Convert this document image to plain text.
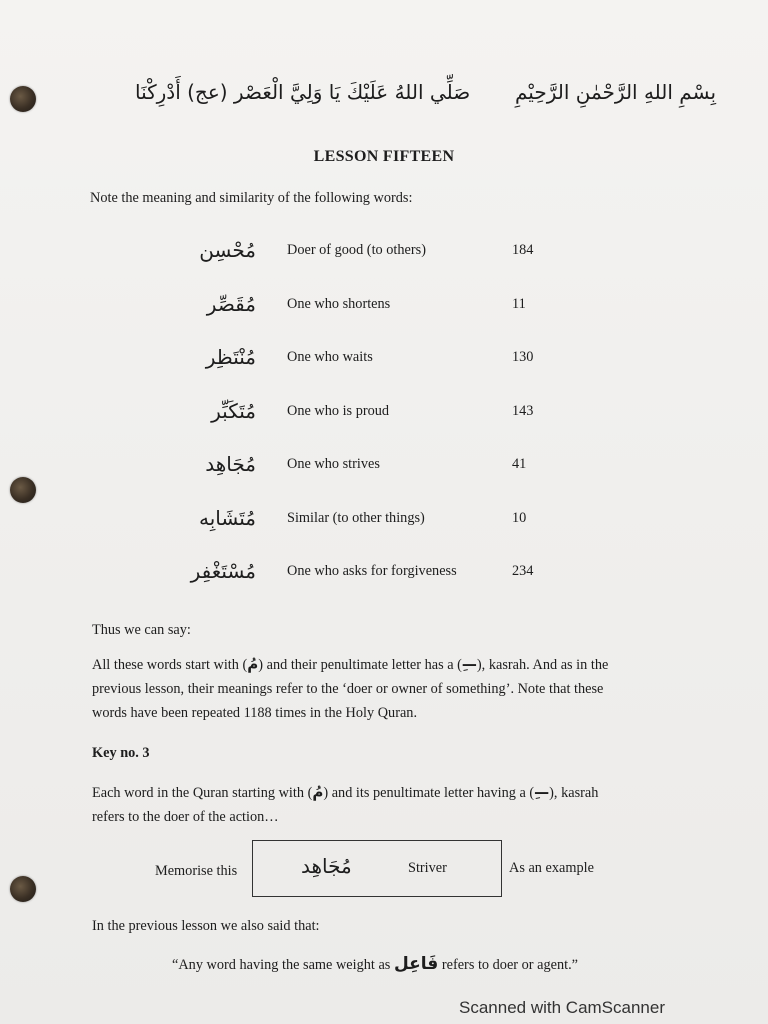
صَلِّي اللهُ عَلَيْكَ يَا وَلِيَّ الْعَصْر (عج) أَدْرِكْنَا بِسْمِ اللهِ الرَّحْمٰنِ الرَّحِيْمِ
LESSON FIFTEEN
Note the meaning and similarity of the following words:
مُحْسِن Doer of good (to others)	184
مُقَصِّر One who shortens	11
مُنْتَظِر One who waits	130
مُتَكَبِّر One who is proud	143
مُجَاهِد One who strives	41
مُتَشَابِه Similar (to other things)	10
مُسْتَغْفِر One who asks for forgiveness	234
Thus we can say:
All these words start with (مُ) and their penultimate letter has a (—ِ), kasrah. And as in the
previous lesson, their meanings refer to the ‘doer or owner of something’. Note that these
words have been repeated 1188 times in the Holy Quran.
Key no. 3
Each word in the Quran starting with (مُ) and its penultimate letter having a (—ِ), kasrah
refers to the doer of the action…
Memorise this	مُجَاهِد	Striver	As an example
In the previous lesson we also said that:
“Any word having the same weight as فَاعِل refers to doer or agent.”
Scanned with CamScanner
